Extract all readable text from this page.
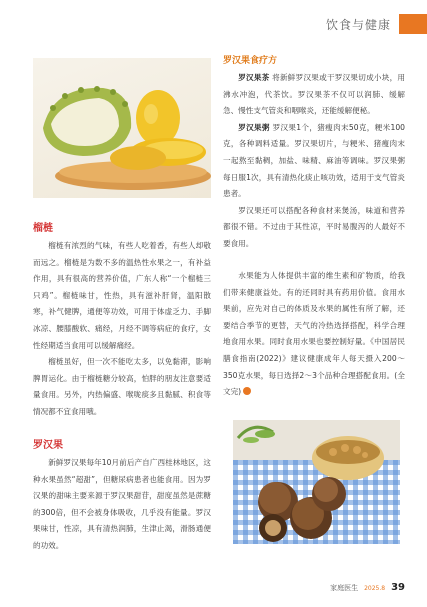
饮食与健康
榴梿

榴梿有浓烈的气味，有些人吃着香，有些人却敬而远之。榴梿是为数不多的温热性水果之一，有补益作用，具有很高的营养价值，广东人称“一个榴梿三只鸡”。榴梿味甘，性热，具有滋补肝肾，温阳散寒，补气健脾，通便等功效，可用于体虚乏力、手脚冰凉、腰膝酸软、痛经，月经不调等病症的食疗，女性经期适当食用可以缓解痛经。

榴梿虽好，但一次不能吃太多，以免黏滞，影响脾胃运化。由于榴梿糖分较高，怕胖的朋友注意要适量食用。另外，内热偏盛、喉咙痰多且黏腻、积食等情况都不宜食用哦。

罗汉果

新鲜罗汉果每年10月前后产自广西桂林地区，这种水果虽然“超甜”，但糖尿病患者也能食用。因为罗汉果的甜味主要来源于罗汉果甜苷，甜度虽然是蔗糖的300倍，但不会被身体吸收，几乎没有能量。罗汉果味甘，性凉，具有清热润肺，生津止渴，滑肠通便的功效。

罗汉果食疗方

罗汉果茶 将新鲜罗汉果或干罗汉果切成小块，用沸水冲泡，代茶饮。罗汉果茶不仅可以润肺、缓解急、慢性支气管炎和咽喉炎，还能缓解便秘。

罗汉果粥 罗汉果1个，猪瘦肉末50克，粳米100克，各种调料适量。罗汉果切片，与粳米、猪瘦肉末一起熬至黏稠，加盐、味精、麻油等调味。罗汉果粥每日服1次，具有清热化痰止咳功效，适用于支气管炎患者。

罗汉果还可以搭配各种食材来煲汤，味道和营养都很不错。不过由于其性凉，平时易腹泻的人最好不要食用。

水果能为人体提供丰富的维生素和矿物质，给我们带来健康益处。有的还同时具有药用价值。食用水果前，应先对自己的体质及水果的属性有所了解，还要结合季节的更替，天气的冷热选择搭配，科学合理地食用水果。同时食用水果也要控制好量。《中国居民膳食指南(2022)》建议健康成年人每天摄入200～350克水果，每日选择2～3个品种合理搭配食用。(全文完)

家庭医生 2025.8 39
